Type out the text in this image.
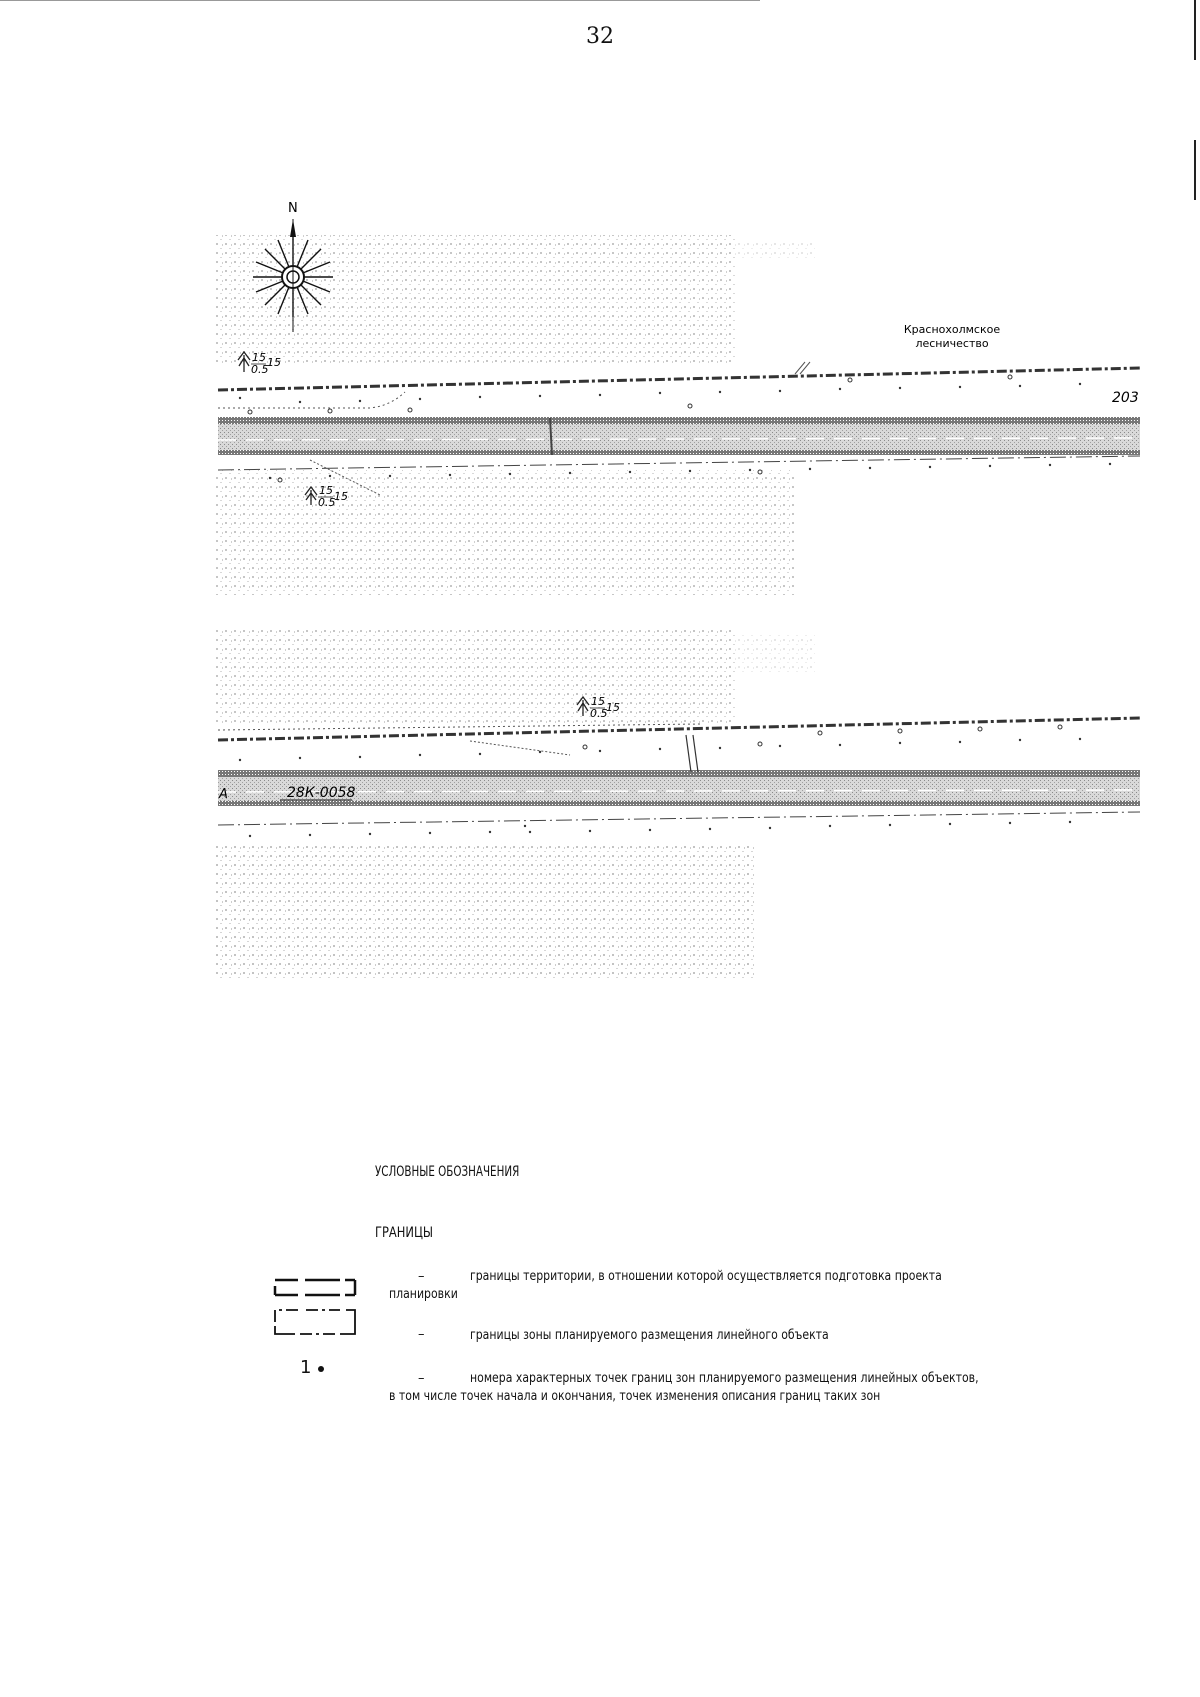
32
15
0.5
15
15
0.5
15
Краснохолмское
лесничество
203
N
15
0.5
15
А	28К-0058
УСЛОВНЫЕ ОБОЗНАЧЕНИЯ
ГРАНИЦЫ
–	границы территории, в отношении которой осуществляется подготовка проекта
планировки
–	границы зоны планируемого размещения линейного объекта
1
–	номера характерных точек границ зон планируемого размещения линейных объектов,
в том числе точек начала и окончания, точек изменения описания границ таких зон
